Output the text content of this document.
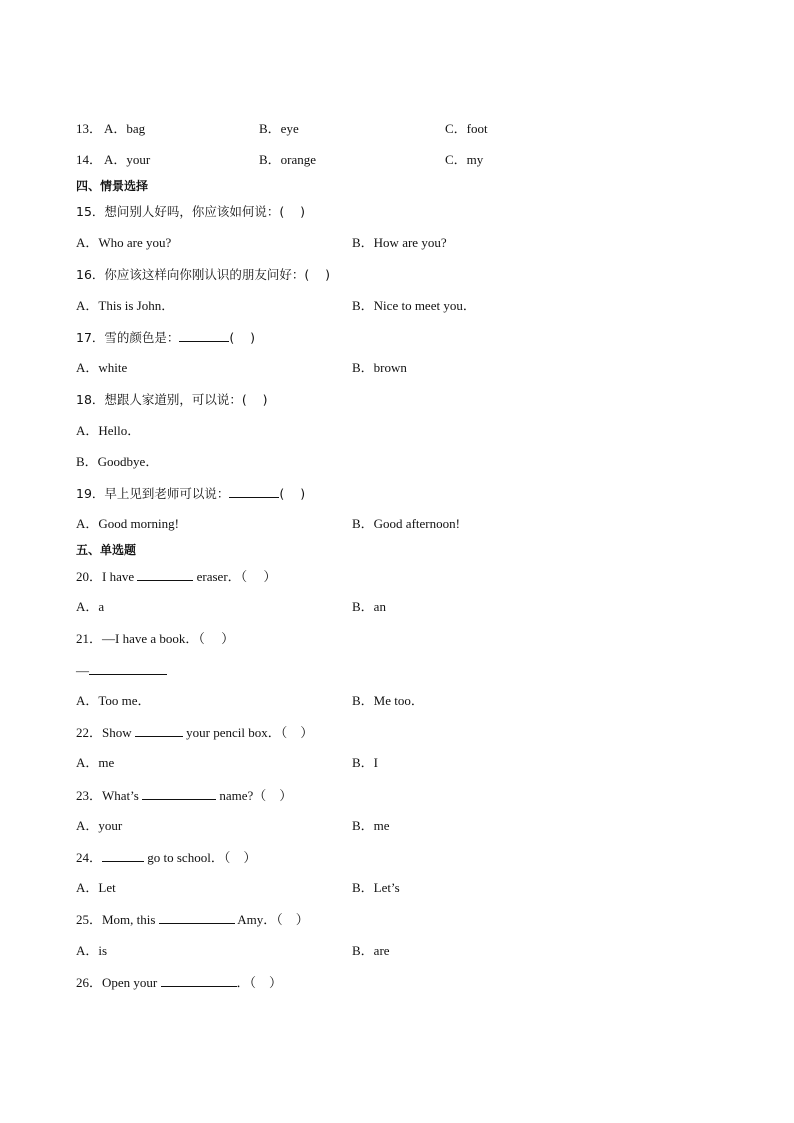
13． A．bag	B．eye	C．foot
14． A．your	B．orange	C．my
四、情景选择
15．想问别人好吗，你应该如何说：(    )
A．Who are you?	B．How are you?
16．你应该这样向你刚认识的朋友问好：(    )
A．This is John．	B．Nice to meet you．
17．雪的颜色是：	(    )
A．white	B．brown
18．想跟人家道别，可以说：(    )
A．Hello．
B．Goodbye．
19．早上见到老师可以说：	(    )
A．Good morning!	B．Good afternoon!
五、单选题
20．I have	eraser．（     ）
A．a	B．an
21．—I have a book．（     ）
—
A．Too me．	B．Me too．
22．Show	your pencil box．（    ）
A．me	B．I
23．What’s	name?（    ）
A．your	B．me
24．	go to school．（    ）
A．Let	B．Let’s
25．Mom, this	Amy．（    ）
A．is	B．are
26．Open your	．（    ）
